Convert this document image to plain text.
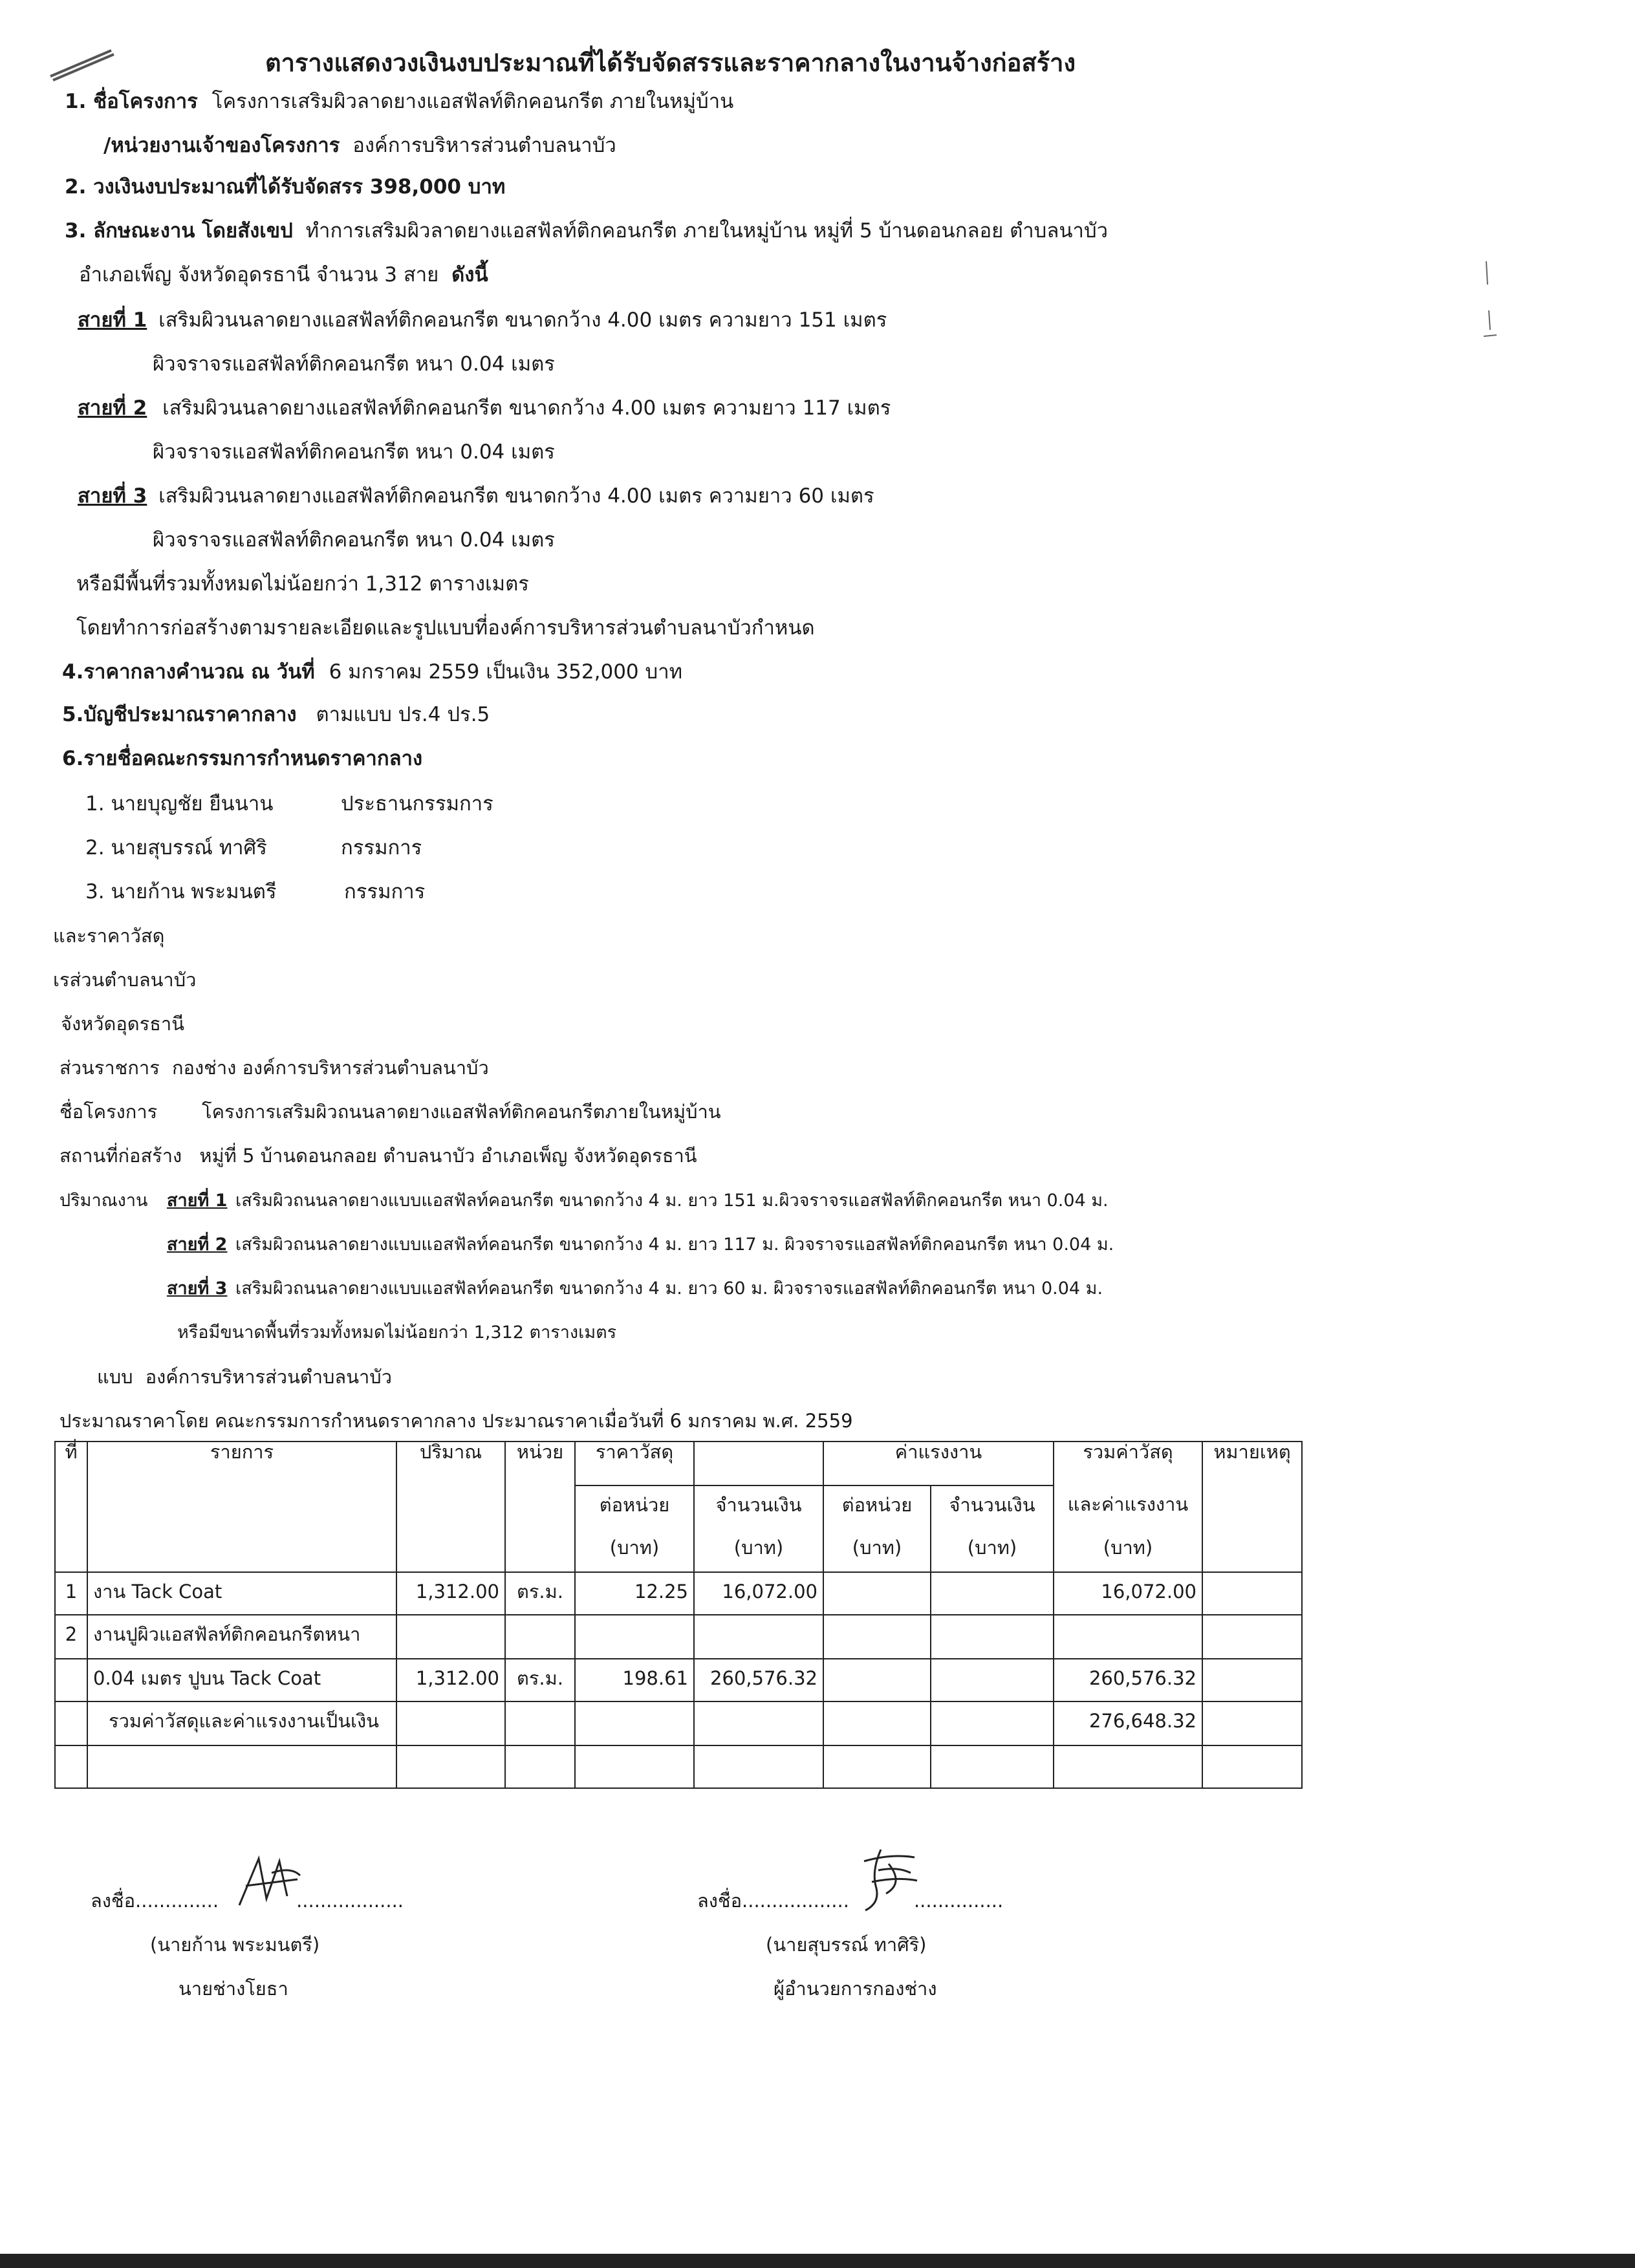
ตารางแสดงวงเงินงบประมาณที่ได้รับจัดสรรและราคากลางในงานจ้างก่อสร้าง
1. ชื่อโครงการ โครงการเสริมผิวลาดยางแอสฟัลท์ติกคอนกรีต ภายในหมู่บ้าน
/หน่วยงานเจ้าของโครงการ องค์การบริหารส่วนตำบลนาบัว
2. วงเงินงบประมาณที่ได้รับจัดสรร 398,000 บาท
3. ลักษณะงาน โดยสังเขป ทำการเสริมผิวลาดยางแอสฟัลท์ติกคอนกรีต ภายในหมู่บ้าน หมู่ที่ 5 บ้านดอนกลอย ตำบลนาบัว
อำเภอเพ็ญ จังหวัดอุดรธานี จำนวน 3 สาย ดังนี้
สายที่ 1 เสริมผิวนนลาดยางแอสฟัลท์ติกคอนกรีต ขนาดกว้าง 4.00 เมตร ความยาว 151 เมตร
ผิวจราจรแอสฟัลท์ติกคอนกรีต หนา 0.04 เมตร
สายที่ 2 เสริมผิวนนลาดยางแอสฟัลท์ติกคอนกรีต ขนาดกว้าง 4.00 เมตร ความยาว 117 เมตร
ผิวจราจรแอสฟัลท์ติกคอนกรีต หนา 0.04 เมตร
สายที่ 3 เสริมผิวนนลาดยางแอสฟัลท์ติกคอนกรีต ขนาดกว้าง 4.00 เมตร ความยาว 60 เมตร
ผิวจราจรแอสฟัลท์ติกคอนกรีต หนา 0.04 เมตร
หรือมีพื้นที่รวมทั้งหมดไม่น้อยกว่า 1,312 ตารางเมตร
โดยทำการก่อสร้างตามรายละเอียดและรูปแบบที่องค์การบริหารส่วนตำบลนาบัวกำหนด
4.ราคากลางคำนวณ ณ วันที่ 6 มกราคม 2559 เป็นเงิน 352,000 บาท
5.บัญชีประมาณราคากลาง ตามแบบ ปร.4 ปร.5
6.รายชื่อคณะกรรมการกำหนดราคากลาง
1. นายบุญชัย ยืนนาน	ประธานกรรมการ
2. นายสุบรรณ์ ทาศิริ	กรรมการ
3. นายก้าน พระมนตรี	กรรมการ
และราคาวัสดุ
เรส่วนตำบลนาบัว
จังหวัดอุดรธานี
ส่วนราชการ กองช่าง องค์การบริหารส่วนตำบลนาบัว
ชื่อโครงการ โครงการเสริมผิวถนนลาดยางแอสฟัลท์ติกคอนกรีตภายในหมู่บ้าน
สถานที่ก่อสร้าง หมู่ที่ 5 บ้านดอนกลอย ตำบลนาบัว อำเภอเพ็ญ จังหวัดอุดรธานี
ปริมาณงาน สายที่ 1 เสริมผิวถนนลาดยางแบบแอสฟัลท์คอนกรีต ขนาดกว้าง 4 ม. ยาว 151 ม.ผิวจราจรแอสฟัลท์ติกคอนกรีต หนา 0.04 ม.
สายที่ 2 เสริมผิวถนนลาดยางแบบแอสฟัลท์คอนกรีต ขนาดกว้าง 4 ม. ยาว 117 ม. ผิวจราจรแอสฟัลท์ติกคอนกรีต หนา 0.04 ม.
สายที่ 3 เสริมผิวถนนลาดยางแบบแอสฟัลท์คอนกรีต ขนาดกว้าง 4 ม. ยาว 60 ม. ผิวจราจรแอสฟัลท์ติกคอนกรีต หนา 0.04 ม.
หรือมีขนาดพื้นที่รวมทั้งหมดไม่น้อยกว่า 1,312 ตารางเมตร
แบบ องค์การบริหารส่วนตำบลนาบัว
ประมาณราคาโดย คณะกรรมการกำหนดราคากลาง ประมาณราคาเมื่อวันที่ 6 มกราคม พ.ศ. 2559
ที่	รายการ	ปริมาณ	หน่วย	ราคาวัสดุ		ค่าแรงงาน		รวมค่าวัสดุ	หมายเหตุ

				ต่อหน่วย	จำนวนเงิน	ต่อหน่วย	จำนวนเงิน	และค่าแรงงาน	

				(บาท)	(บาท)	(บาท)	(บาท)	(บาท)	

1	งาน Tack Coat	1,312.00	ตร.ม.	12.25	16,072.00			16,072.00	

2	งานปูผิวแอสฟัลท์ติกคอนกรีตหนา								

	0.04 เมตร ปูบน Tack Coat	1,312.00	ตร.ม.	198.61	260,576.32			260,576.32	

	รวมค่าวัสดุและค่าแรงงานเป็นเงิน							276,648.32	

ลงชื่อ..............	..................
(นายก้าน พระมนตรี)
นายช่างโยธา
ลงชื่อ..................	...............
(นายสุบรรณ์ ทาศิริ)
ผู้อำนวยการกองช่าง
